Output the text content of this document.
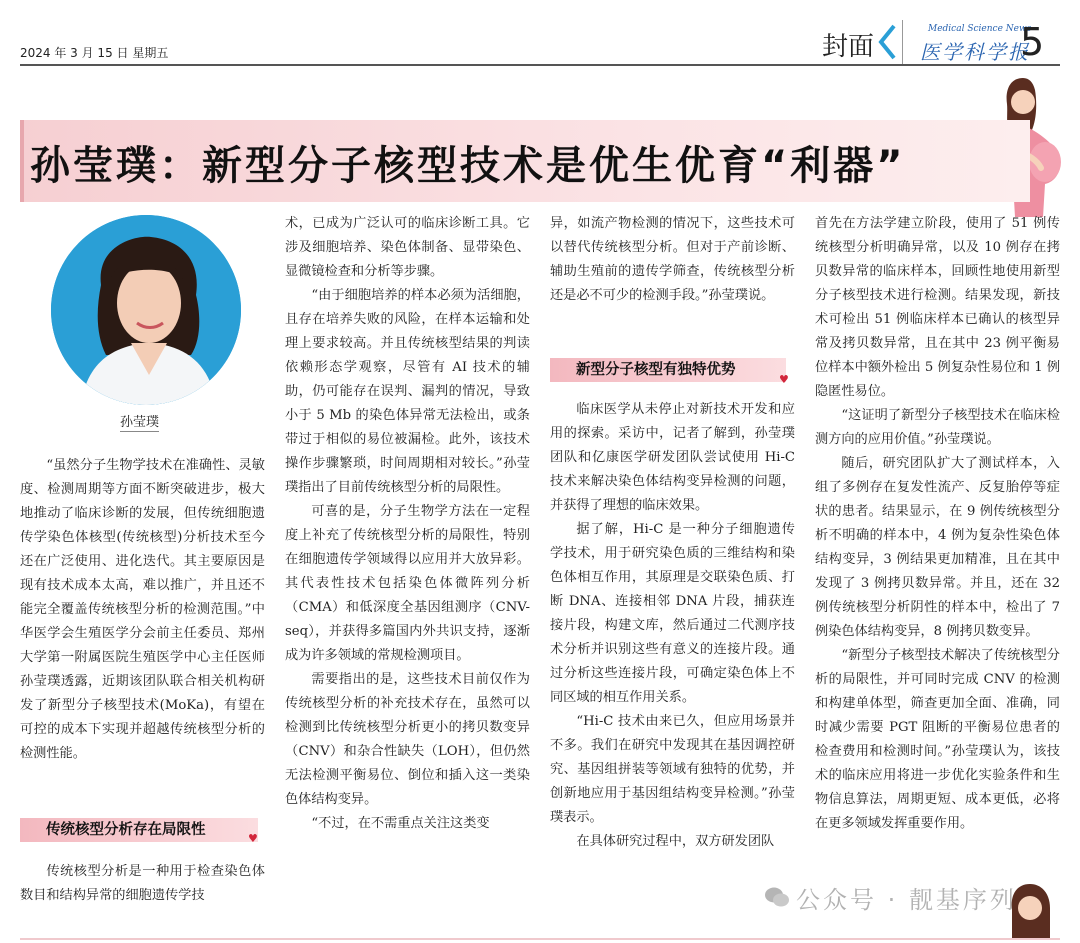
2024 年 3 月 15 日 星期五	封面
Medical Science News
医学科学报
5
孙莹璞：新型分子核型技术是优生优育“利器”
孙莹璞

“虽然分子生物学技术在准确性、灵敏度、检测周期等方面不断突破进步，极大地推动了临床诊断的发展，但传统细胞遗传学染色体核型(传统核型)分析技术至今还在广泛使用、进化迭代。其主要原因是现有技术成本太高，难以推广，并且还不能完全覆盖传统核型分析的检测范围。”中华医学会生殖医学分会前主任委员、郑州大学第一附属医院生殖医学中心主任医师孙莹璞透露，近期该团队联合相关机构研发了新型分子核型技术(MoKa)，有望在可控的成本下实现并超越传统核型分析的检测性能。

传统核型分析存在局限性
♥

传统核型分析是一种用于检查染色体数目和结构异常的细胞遗传学技

术，已成为广泛认可的临床诊断工具。它涉及细胞培养、染色体制备、显带染色、显微镜检查和分析等步骤。

“由于细胞培养的样本必须为活细胞，且存在培养失败的风险，在样本运输和处理上要求较高。并且传统核型结果的判读依赖形态学观察，尽管有 AI 技术的辅助，仍可能存在误判、漏判的情况，导致小于 5 Mb 的染色体异常无法检出，或条带过于相似的易位被漏检。此外，该技术操作步骤繁琐，时间周期相对较长。”孙莹璞指出了目前传统核型分析的局限性。

可喜的是，分子生物学方法在一定程度上补充了传统核型分析的局限性，特别在细胞遗传学领域得以应用并大放异彩。其代表性技术包括染色体微阵列分析（CMA）和低深度全基因组测序（CNV-seq），并获得多篇国内外共识支持，逐渐成为许多领域的常规检测项目。

需要指出的是，这些技术目前仅作为传统核型分析的补充技术存在，虽然可以检测到比传统核型分析更小的拷贝数变异（CNV）和杂合性缺失（LOH），但仍然无法检测平衡易位、倒位和插入这一类染色体结构变异。

“不过，在不需重点关注这类变

异，如流产物检测的情况下，这些技术可以替代传统核型分析。但对于产前诊断、辅助生殖前的遗传学筛查，传统核型分析还是必不可少的检测手段。”孙莹璞说。

新型分子核型有独特优势
♥

临床医学从未停止对新技术开发和应用的探索。采访中，记者了解到，孙莹璞团队和亿康医学研发团队尝试使用 Hi-C 技术来解决染色体结构变异检测的问题，并获得了理想的临床效果。

据了解，Hi-C 是一种分子细胞遗传学技术，用于研究染色质的三维结构和染色体相互作用，其原理是交联染色质、打断 DNA、连接相邻 DNA 片段，捕获连接片段，构建文库，然后通过二代测序技术分析并识别这些有意义的连接片段。通过分析这些连接片段，可确定染色体上不同区域的相互作用关系。

“Hi-C 技术由来已久，但应用场景并不多。我们在研究中发现其在基因调控研究、基因组拼装等领域有独特的优势，并创新地应用于基因组结构变异检测。”孙莹璞表示。

在具体研究过程中，双方研发团队

首先在方法学建立阶段，使用了 51 例传统核型分析明确异常，以及 10 例存在拷贝数异常的临床样本，回顾性地使用新型分子核型技术进行检测。结果发现，新技术可检出 51 例临床样本已确认的核型异常及拷贝数异常，且在其中 23 例平衡易位样本中额外检出 5 例复杂性易位和 1 例隐匿性易位。

“这证明了新型分子核型技术在临床检测方向的应用价值。”孙莹璞说。

随后，研究团队扩大了测试样本，入组了多例存在复发性流产、反复胎停等症状的患者。结果显示，在 9 例传统核型分析不明确的样本中，4 例为复杂性染色体结构变异，3 例结果更加精准，且在其中发现了 3 例拷贝数异常。并且，还在 32 例传统核型分析阴性的样本中，检出了 7 例染色体结构变异，8 例拷贝数变异。

“新型分子核型技术解决了传统核型分析的局限性，并可同时完成 CNV 的检测和构建单体型，筛查更加全面、准确，同时减少需要 PGT 阻断的平衡易位患者的检查费用和检测时间。”孙莹璞认为，该技术的临床应用将进一步优化实验条件和生物信息算法，周期更短、成本更低，必将在更多领域发挥重要作用。

公众号 · 靓基序列
